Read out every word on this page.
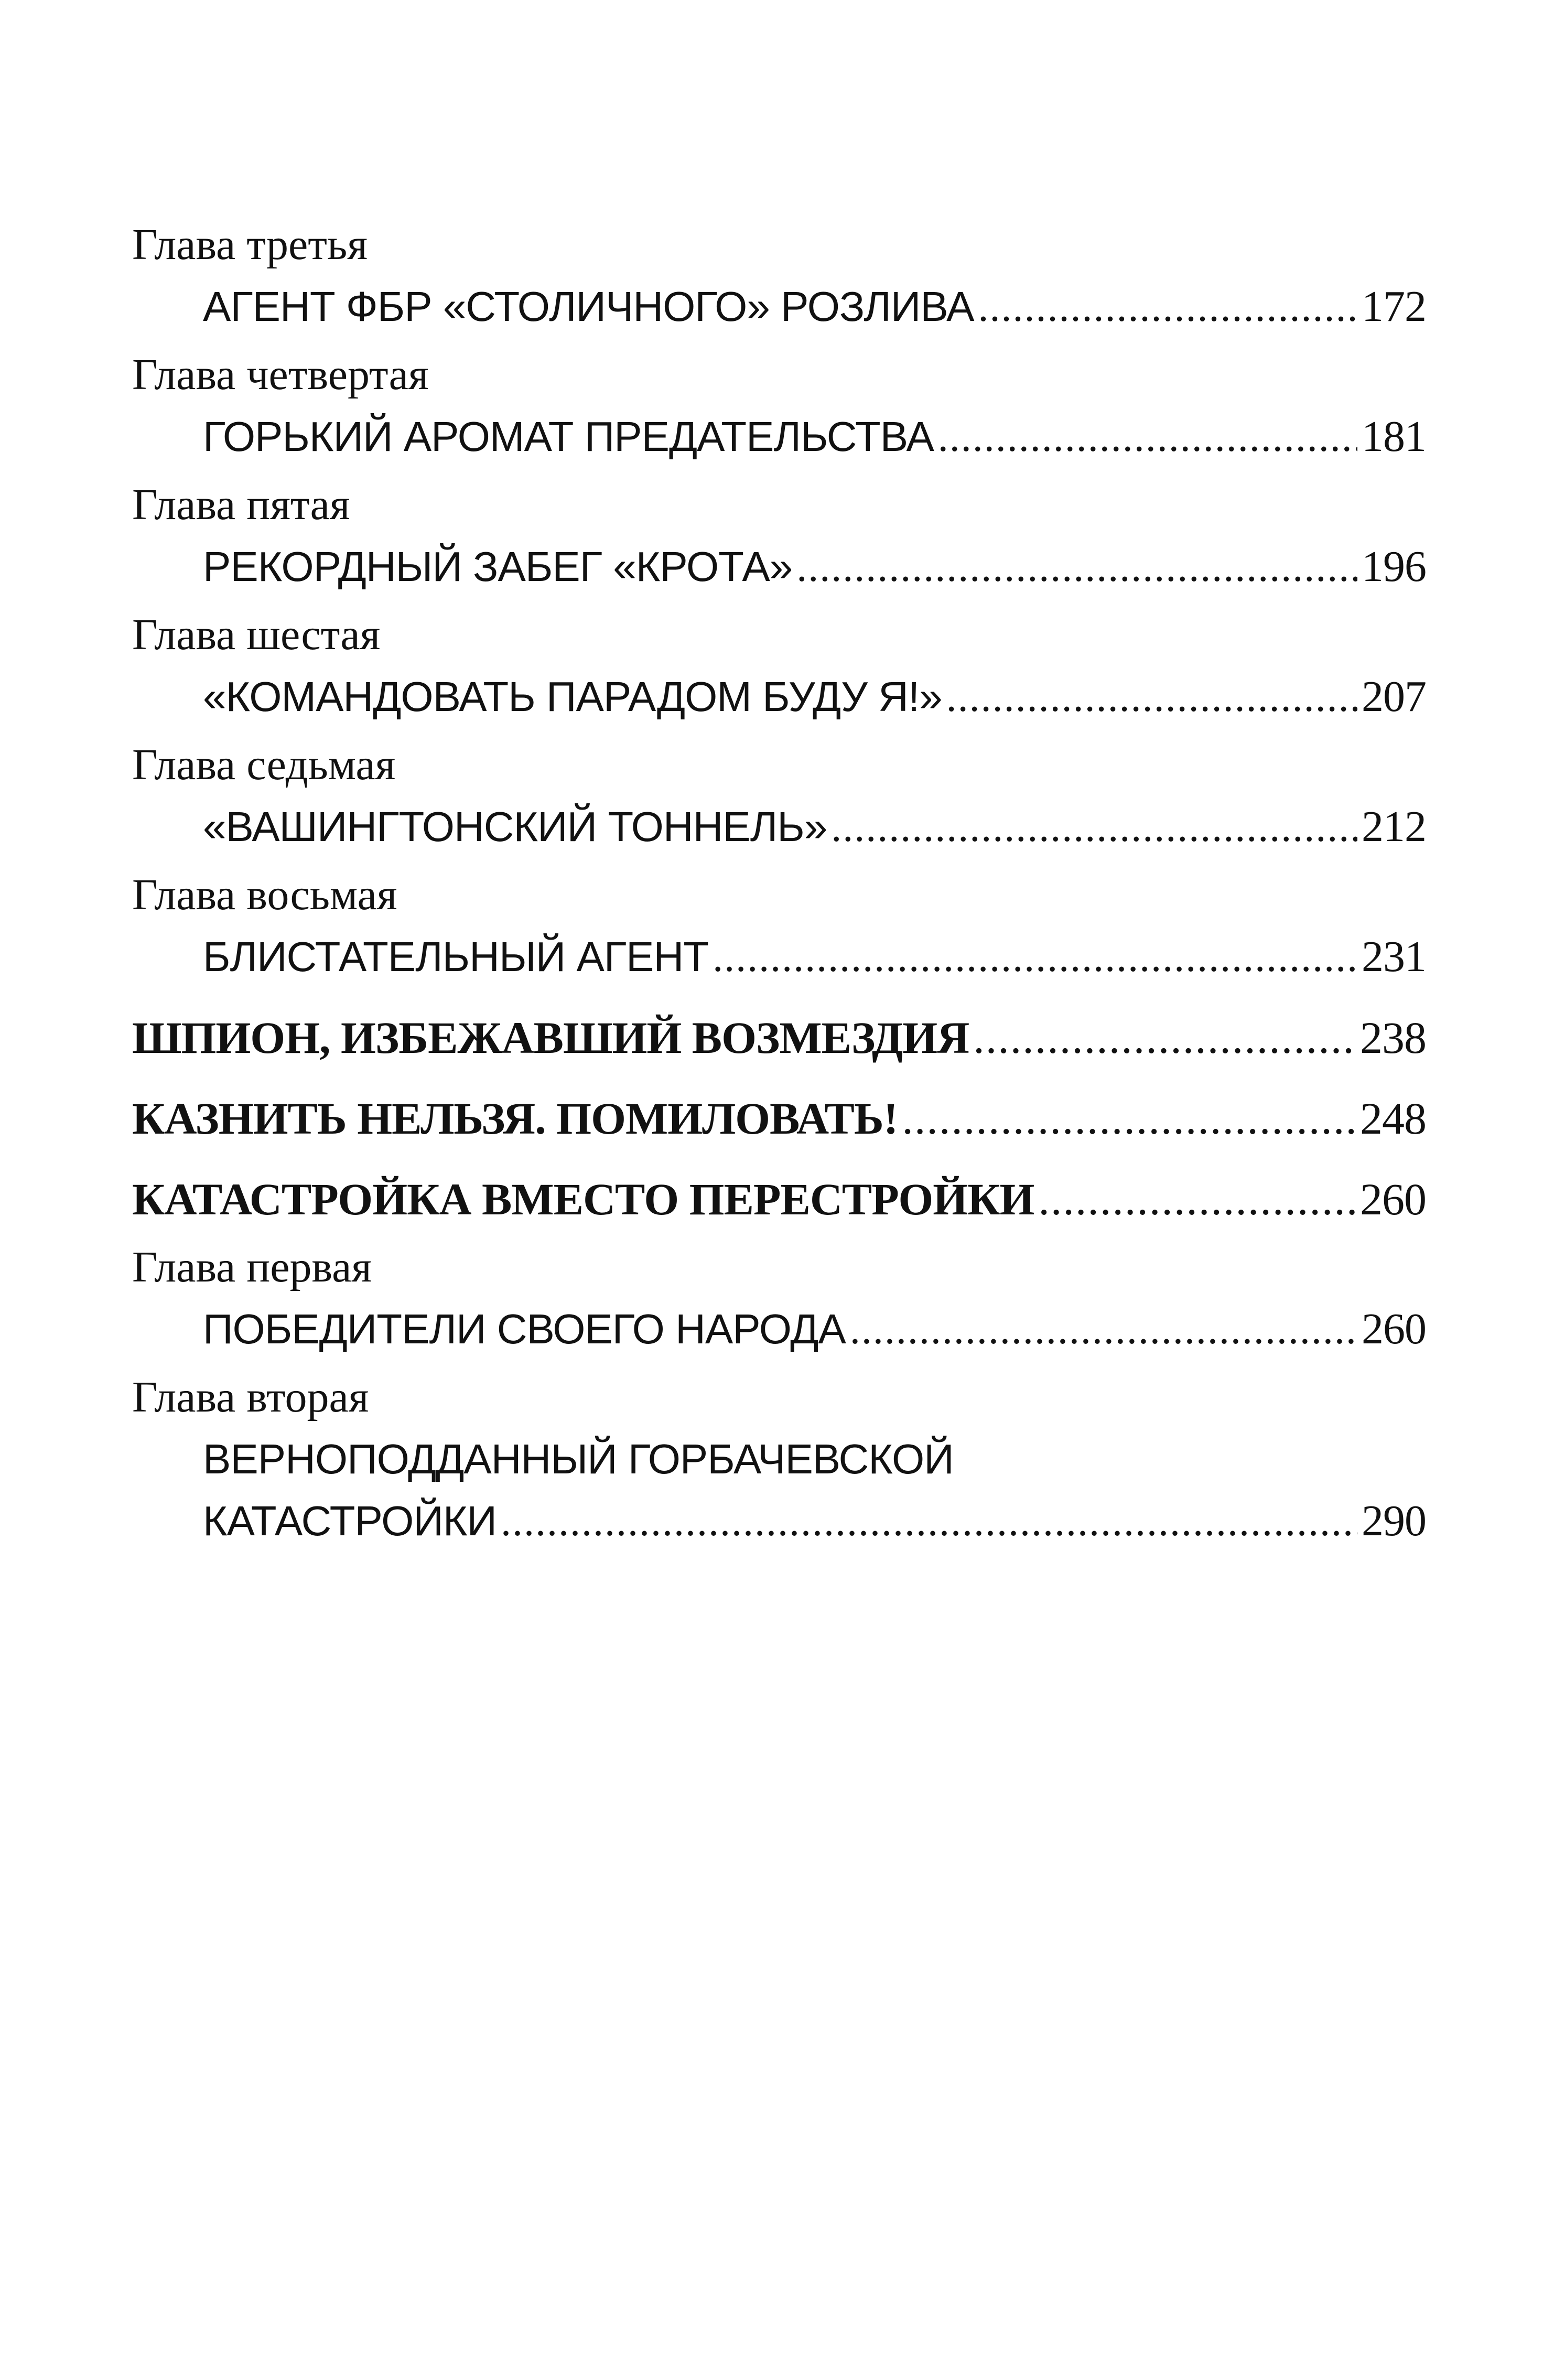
Глава третья
АГЕНТ ФБР «СТОЛИЧНОГО» РОЗЛИВА .....	172
Глава четвертая
ГОРЬКИЙ АРОМАТ ПРЕДАТЕЛЬСТВА .....	181
Глава пятая
РЕКОРДНЫЙ ЗАБЕГ «КРОТА» .....	196
Глава шестая
«КОМАНДОВАТЬ ПАРАДОМ БУДУ Я!» .....	207
Глава седьмая
«ВАШИНГТОНСКИЙ ТОННЕЛЬ» .....	212
Глава восьмая
БЛИСТАТЕЛЬНЫЙ АГЕНТ .....	231
ШПИОН, ИЗБЕЖАВШИЙ ВОЗМЕЗДИЯ .....	238
КАЗНИТЬ НЕЛЬЗЯ. ПОМИЛОВАТЬ! .....	248
КАТАСТРОЙКА ВМЕСТО ПЕРЕСТРОЙКИ .....	260
Глава первая
ПОБЕДИТЕЛИ СВОЕГО НАРОДА .....	260
Глава вторая
ВЕРНОПОДДАННЫЙ ГОРБАЧЕВСКОЙ
КАТАСТРОЙКИ .....	290
